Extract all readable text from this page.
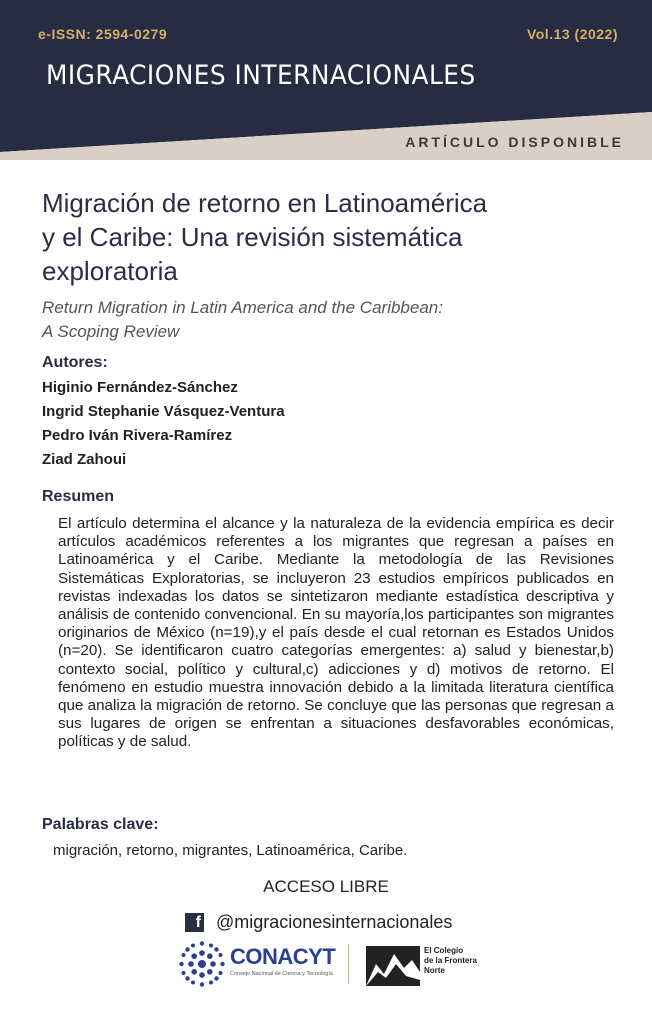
e-ISSN: 2594-0279	Vol.13 (2022)
MIGRACIONES INTERNACIONALES
ARTÍCULO DISPONIBLE
Migración de retorno en Latinoamérica
y el Caribe: Una revisión sistemática
exploratoria
Return Migration in Latin America and the Caribbean:
A Scoping Review
Autores:
Higinio Fernández-Sánchez
Ingrid Stephanie Vásquez-Ventura
Pedro Iván Rivera-Ramírez
Ziad Zahoui
Resumen
El artículo determina el alcance y la naturaleza de la evidencia empírica es decir artículos académicos referentes a los migrantes que regresan a países en Latinoamérica y el Caribe. Mediante la metodología de las Revisiones Sistemáticas Exploratorias, se incluyeron 23 estudios empíricos publicados en revistas indexadas los datos se sintetizaron mediante estadística descriptiva y análisis de contenido convencional. En su mayoría,los participantes son migrantes originarios de México (n=19),y el país desde el cual retornan es Estados Unidos (n=20). Se identificaron cuatro categorías emergentes: a) salud y bienestar,b) contexto social, político y cultural,c) adicciones y d) motivos de retorno. El fenómeno en estudio muestra innovación debido a la limitada literatura científica que analiza la migración de retorno. Se concluye que las personas que regresan a sus lugares de origen se enfrentan a situaciones desfavorables económicas, políticas y de salud.
Palabras clave:
migración, retorno, migrantes, Latinoamérica, Caribe.
ACCESO LIBRE
f @migracionesinternacionales
CONACYT
Consejo Nacional de Ciencia y Tecnología
El Colegio
de la Frontera
Norte
